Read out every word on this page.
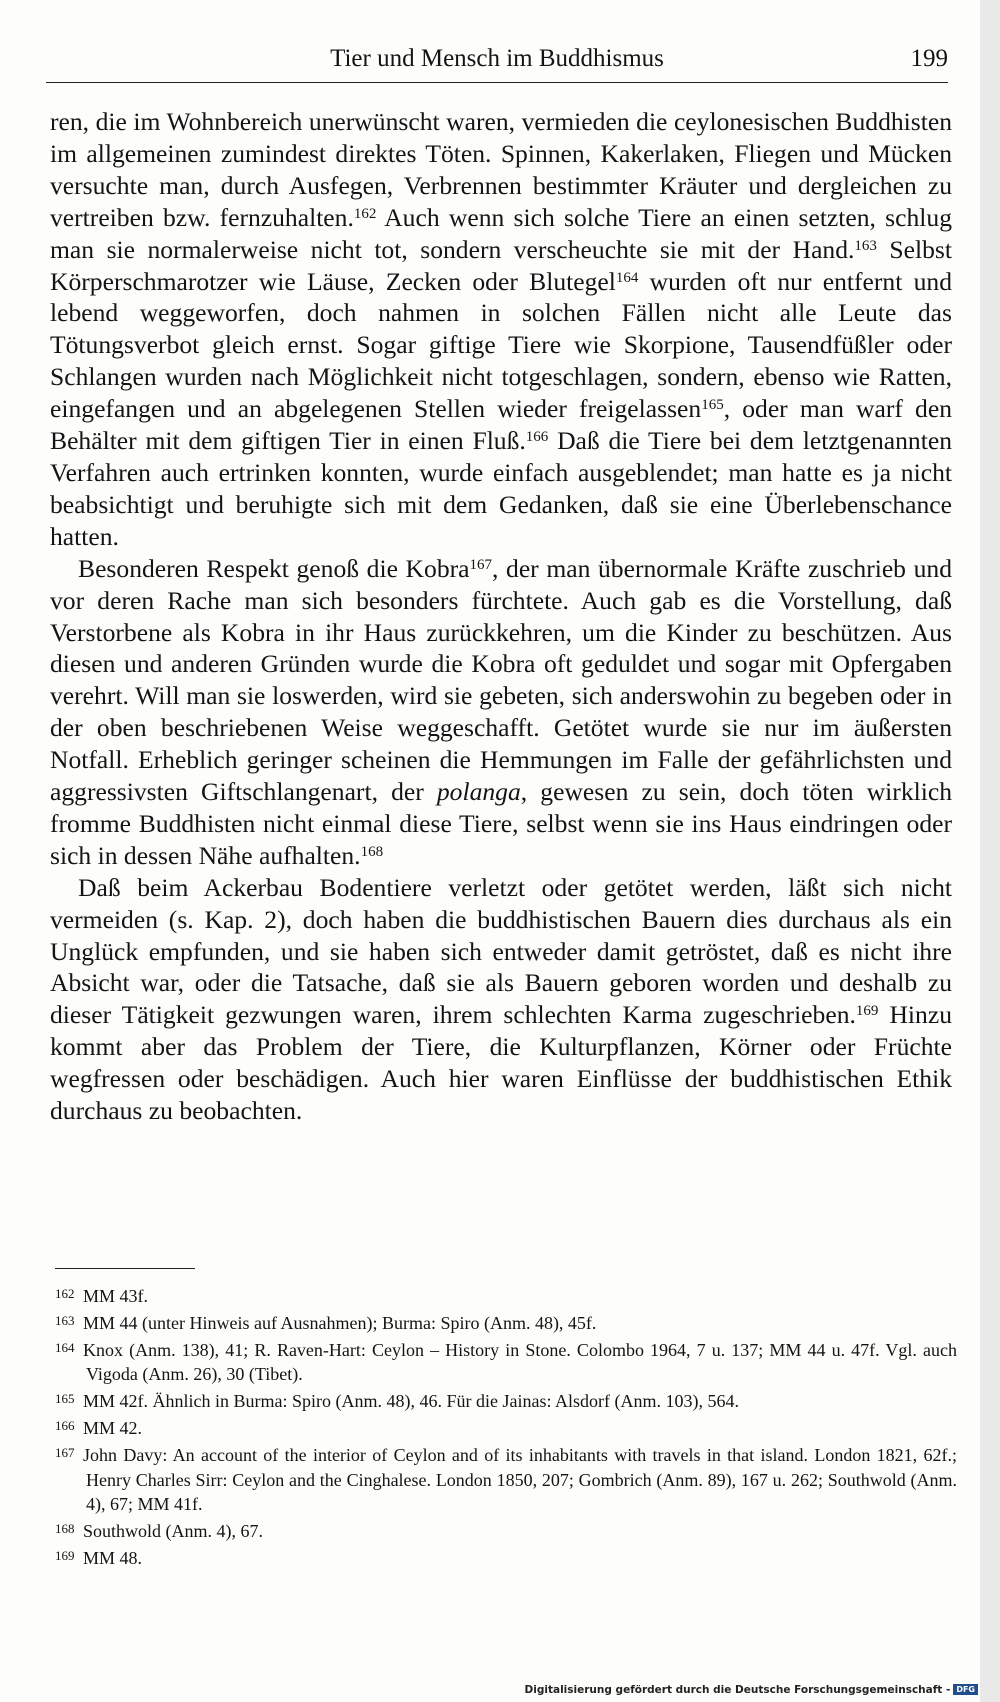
Tier und Mensch im Buddhismus	199

ren, die im Wohnbereich unerwünscht waren, vermieden die ceylonesischen Buddhisten im allgemeinen zumindest direktes Töten. Spinnen, Kakerlaken, Fliegen und Mücken versuchte man, durch Ausfegen, Verbrennen bestimmter Kräuter und dergleichen zu vertreiben bzw. fernzuhalten.$^{162}$ Auch wenn sich solche Tiere an einen setzten, schlug man sie normalerweise nicht tot, sondern verscheuchte sie mit der Hand.$^{163}$ Selbst Körperschmarotzer wie Läuse, Zecken oder Blutegel$^{164}$ wurden oft nur entfernt und lebend weggeworfen, doch nahmen in solchen Fällen nicht alle Leute das Tötungsverbot gleich ernst. Sogar giftige Tiere wie Skorpione, Tausendfüßler oder Schlangen wurden nach Möglichkeit nicht totgeschlagen, sondern, ebenso wie Ratten, eingefangen und an abgelegenen Stellen wieder freigelassen$^{165}$, oder man warf den Behälter mit dem giftigen Tier in einen Fluß.$^{166}$ Daß die Tiere bei dem letztgenannten Verfahren auch ertrinken konnten, wurde einfach ausgeblendet; man hatte es ja nicht beabsichtigt und beruhigte sich mit dem Gedanken, daß sie eine Überlebenschance hatten.

Besonderen Respekt genoß die Kobra$^{167}$, der man übernormale Kräfte zuschrieb und vor deren Rache man sich besonders fürchtete. Auch gab es die Vorstellung, daß Verstorbene als Kobra in ihr Haus zurückkehren, um die Kinder zu beschützen. Aus diesen und anderen Gründen wurde die Kobra oft geduldet und sogar mit Opfergaben verehrt. Will man sie loswerden, wird sie gebeten, sich anderswohin zu begeben oder in der oben beschriebenen Weise weggeschafft. Getötet wurde sie nur im äußersten Notfall. Erheblich geringer scheinen die Hemmungen im Falle der gefährlichsten und aggressivsten Giftschlangenart, der polanga, gewesen zu sein, doch töten wirklich fromme Buddhisten nicht einmal diese Tiere, selbst wenn sie ins Haus eindringen oder sich in dessen Nähe aufhalten.$^{168}$

Daß beim Ackerbau Bodentiere verletzt oder getötet werden, läßt sich nicht vermeiden (s. Kap. 2), doch haben die buddhistischen Bauern dies durchaus als ein Unglück empfunden, und sie haben sich entweder damit getröstet, daß es nicht ihre Absicht war, oder die Tatsache, daß sie als Bauern geboren worden und deshalb zu dieser Tätigkeit gezwungen waren, ihrem schlechten Karma zugeschrieben.$^{169}$ Hinzu kommt aber das Problem der Tiere, die Kulturpflanzen, Körner oder Früchte wegfressen oder beschädigen. Auch hier waren Einflüsse der buddhistischen Ethik durchaus zu beobachten.

162 MM 43f.
163 MM 44 (unter Hinweis auf Ausnahmen); Burma: Spiro (Anm. 48), 45f.
164 Knox (Anm. 138), 41; R. Raven-Hart: Ceylon – History in Stone. Colombo 1964, 7 u. 137; MM 44 u. 47f. Vgl. auch Vigoda (Anm. 26), 30 (Tibet).
165 MM 42f. Ähnlich in Burma: Spiro (Anm. 48), 46. Für die Jainas: Alsdorf (Anm. 103), 564.
166 MM 42.
167 John Davy: An account of the interior of Ceylon and of its inhabitants with travels in that island. London 1821, 62f.; Henry Charles Sirr: Ceylon and the Cinghalese. London 1850, 207; Gombrich (Anm. 89), 167 u. 262; Southwold (Anm. 4), 67; MM 41f.
168 Southwold (Anm. 4), 67.
169 MM 48.
Digitalisierung gefördert durch die Deutsche Forschungsgemeinschaft - DFG
